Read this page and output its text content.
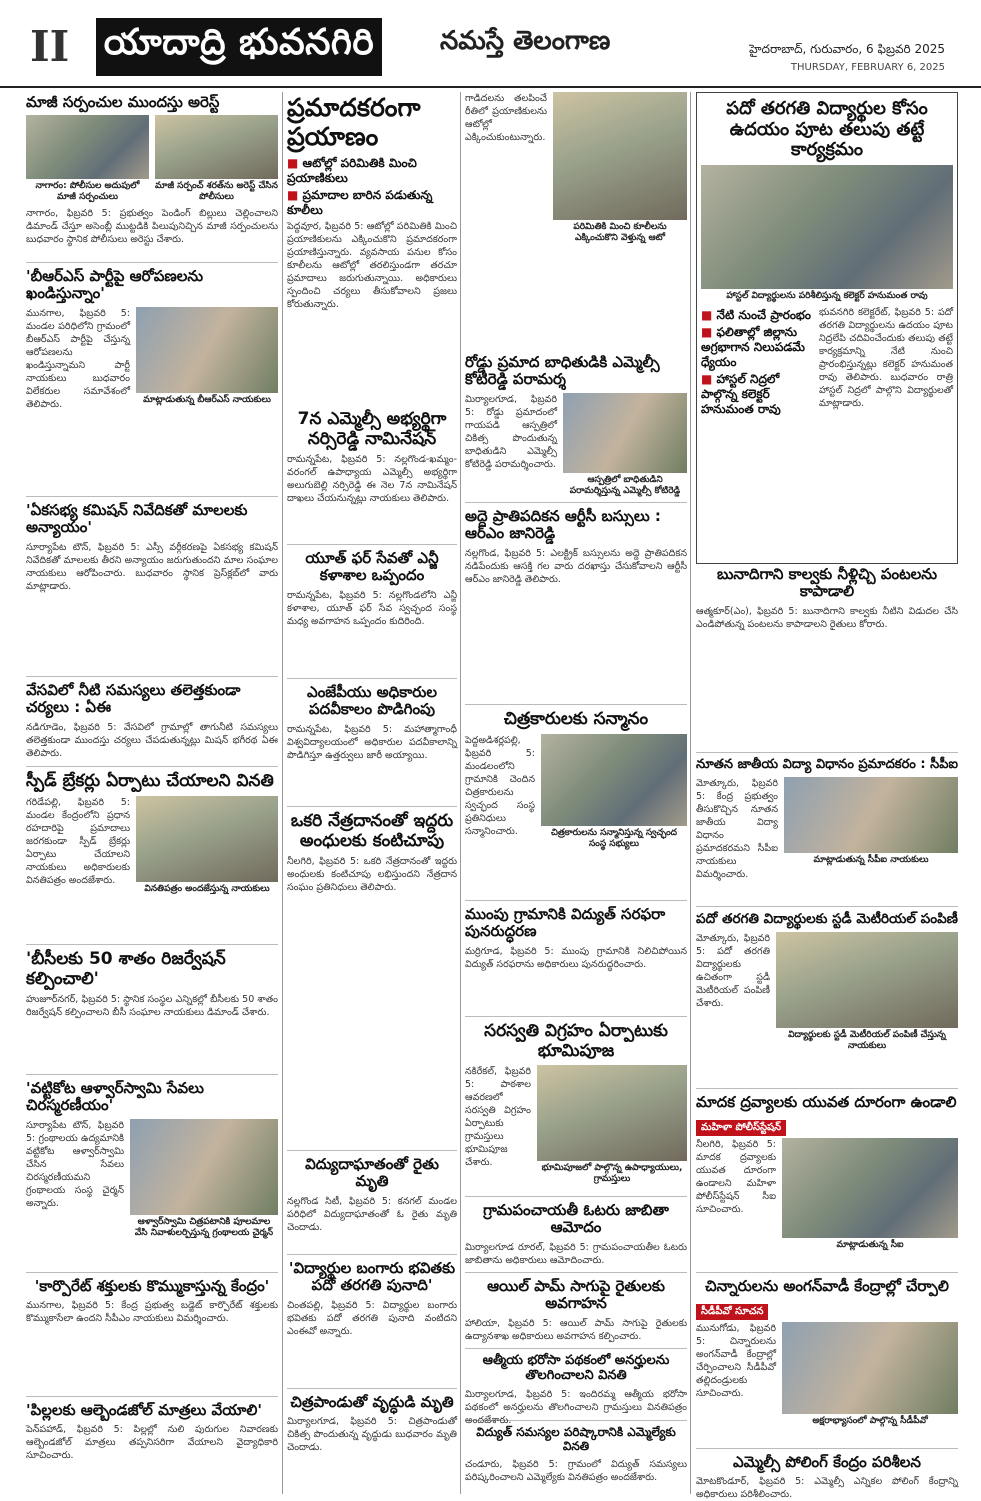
II యాదాద్రి భువనగిరి	నమస్తే తెలంగాణ	హైదరాబాద్, గురువారం, 6 ఫిబ్రవరి 2025
THURSDAY, FEBRUARY 6, 2025
మాజీ సర్పంచుల ముందస్తు అరెస్ట్
నాగారం: పోలీసుల అదుపులో మాజీ సర్పంచులు
మాజీ సర్పంచ్ శరత్‌ను అరెస్ట్ చేసిన పోలీసులు
నాగారం, ఫిబ్రవరి 5: ప్రభుత్వం పెండింగ్ బిల్లులు చెల్లించాలని డిమాండ్ చేస్తూ అసెంబ్లీ ముట్టడికి పిలుపునిచ్చిన మాజీ సర్పంచులను బుధవారం స్థానిక పోలీసులు అరెస్టు చేశారు.
'బీఆర్‌ఎస్ పార్టీపై ఆరోపణలను ఖండిస్తున్నాం'
మునగాల, ఫిబ్రవరి 5: మండల పరిధిలోని గ్రామంలో బీఆర్‌ఎస్ పార్టీపై చేస్తున్న ఆరోపణలను ఖండిస్తున్నామని పార్టీ నాయకులు బుధవారం విలేకరుల సమావేశంలో తెలిపారు.	మాట్లాడుతున్న బీఆర్‌ఎస్ నాయకులు
'ఏకసభ్య కమిషన్ నివేదికతో మాలలకు అన్యాయం'
సూర్యాపేట టౌన్, ఫిబ్రవరి 5: ఎస్సీ వర్గీకరణపై ఏకసభ్య కమిషన్ నివేదికతో మాలలకు తీరని అన్యాయం జరుగుతుందని మాల సంఘాల నాయకులు ఆరోపించారు. బుధవారం స్థానిక ప్రెస్‌క్లబ్‌లో వారు మాట్లాడారు.
వేసవిలో నీటి సమస్యలు తలెత్తకుండా చర్యలు : ఏఈ
నడిగూడెం, ఫిబ్రవరి 5: వేసవిలో గ్రామాల్లో తాగునీటి సమస్యలు తలెత్తకుండా ముందస్తు చర్యలు చేపడుతున్నట్లు మిషన్ భగీరథ ఏఈ తెలిపారు.
స్పీడ్ బ్రేకర్లు ఏర్పాటు చేయాలని వినతి
గరిడేపల్లి, ఫిబ్రవరి 5: మండల కేంద్రంలోని ప్రధాన రహదారిపై ప్రమాదాలు జరగకుండా స్పీడ్ బ్రేకర్లు ఏర్పాటు చేయాలని నాయకులు అధికారులకు వినతిపత్రం అందజేశారు.
వినతిపత్రం అందజేస్తున్న నాయకులు
'బీసీలకు 50 శాతం రిజర్వేషన్ కల్పించాలి'
హుజూర్‌నగర్, ఫిబ్రవరి 5: స్థానిక సంస్థల ఎన్నికల్లో బీసీలకు 50 శాతం రిజర్వేషన్ కల్పించాలని బీసీ సంఘాల నాయకులు డిమాండ్ చేశారు.
'వట్టికోట ఆళ్వార్‌స్వామి సేవలు చిరస్మరణీయం'
సూర్యాపేట టౌన్, ఫిబ్రవరి 5: గ్రంథాలయ ఉద్యమానికి వట్టికోట ఆళ్వార్‌స్వామి చేసిన సేవలు చిరస్మరణీయమని గ్రంథాలయ సంస్థ చైర్మన్ అన్నారు.
ఆళ్వార్‌స్వామి చిత్రపటానికి పూలమాల వేసి నివాళులర్పిస్తున్న గ్రంథాలయ చైర్మన్
'కార్పొరేట్ శక్తులకు కొమ్ముకాస్తున్న కేంద్రం'
మునగాల, ఫిబ్రవరి 5: కేంద్ర ప్రభుత్వ బడ్జెట్ కార్పొరేట్ శక్తులకు కొమ్ముకాసేలా ఉందని సీపీఎం నాయకులు విమర్శించారు.
'పిల్లలకు ఆల్బెండజోల్ మాత్రలు వేయాలి'
పెన్‌పహాడ్, ఫిబ్రవరి 5: పిల్లల్లో నులి పురుగుల నివారణకు ఆల్బెండజోల్ మాత్రలు తప్పనిసరిగా వేయాలని వైద్యాధికారి సూచించారు.
ప్రమాదకరంగా ప్రయాణం
■ ఆటోల్లో పరిమితికి మించి ప్రయాణికులు
■ ప్రమాదాల బారిన పడుతున్న కూలీలు
పెద్దవూర, ఫిబ్రవరి 5: ఆటోల్లో పరిమితికి మించి ప్రయాణికులను ఎక్కించుకొని ప్రమాదకరంగా ప్రయాణిస్తున్నారు. వ్యవసాయ పనుల కోసం కూలీలను ఆటోల్లో తరలిస్తుండగా తరచూ ప్రమాదాలు జరుగుతున్నాయి. అధికారులు స్పందించి చర్యలు తీసుకోవాలని ప్రజలు కోరుతున్నారు.
7న ఎమ్మెల్సీ అభ్యర్థిగా నర్సిరెడ్డి నామినేషన్
రామన్నపేట, ఫిబ్రవరి 5: నల్లగొండ-ఖమ్మం-వరంగల్ ఉపాధ్యాయ ఎమ్మెల్సీ అభ్యర్థిగా అలుగుబెల్లి నర్సిరెడ్డి ఈ నెల 7న నామినేషన్ దాఖలు చేయనున్నట్లు నాయకులు తెలిపారు.
యూత్ ఫర్ సేవతో ఎన్జీ కళాశాల ఒప్పందం
రామన్నపేట, ఫిబ్రవరి 5: నల్లగొండలోని ఎన్జీ కళాశాల, యూత్ ఫర్ సేవ స్వచ్ఛంద సంస్థ మధ్య అవగాహన ఒప్పందం కుదిరింది.
ఎంజేపీయు అధికారుల పదవీకాలం పొడిగింపు
రామన్నపేట, ఫిబ్రవరి 5: మహాత్మాగాంధీ విశ్వవిద్యాలయంలో అధికారుల పదవీకాలాన్ని పొడిగిస్తూ ఉత్తర్వులు జారీ అయ్యాయి.
ఒకరి నేత్రదానంతో ఇద్దరు అంధులకు కంటిచూపు
నీలగిరి, ఫిబ్రవరి 5: ఒకరి నేత్రదానంతో ఇద్దరు అంధులకు కంటిచూపు లభిస్తుందని నేత్రదాన సంఘం ప్రతినిధులు తెలిపారు.
విద్యుదాఘాతంతో రైతు మృతి
నల్లగొండ సిటీ, ఫిబ్రవరి 5: కనగల్ మండల పరిధిలో విద్యుదాఘాతంతో ఓ రైతు మృతి చెందాడు.
'విద్యార్థుల బంగారు భవితకు పదో తరగతి పునాది'
చింతపల్లి, ఫిబ్రవరి 5: విద్యార్థుల బంగారు భవితకు పదో తరగతి పునాది వంటిదని ఎంఈవో అన్నారు.
చిత్రపాండుతో వృద్ధుడి మృతి
మిర్యాలగూడ, ఫిబ్రవరి 5: చిత్రపాండుతో చికిత్స పొందుతున్న వృద్ధుడు బుధవారం మృతి చెందాడు.
గాడిదలను తలపించే రీతిలో ప్రయాణికులను ఆటోల్లో ఎక్కించుకుంటున్నారు.
పరిమితికి మించి కూలీలను ఎక్కించుకొని వెళ్తున్న ఆటో
రోడ్డు ప్రమాద బాధితుడికి ఎమ్మెల్సీ కోటిరెడ్డి పరామర్శ
మిర్యాలగూడ, ఫిబ్రవరి 5: రోడ్డు ప్రమాదంలో గాయపడి ఆస్పత్రిలో చికిత్స పొందుతున్న బాధితుడిని ఎమ్మెల్సీ కోటిరెడ్డి పరామర్శించారు.
ఆస్పత్రిలో బాధితుడిని పరామర్శిస్తున్న ఎమ్మెల్సీ కోటిరెడ్డి
అద్దె ప్రాతిపదికన ఆర్టీసీ బస్సులు : ఆర్‌ఎం జానిరెడ్డి
నల్లగొండ, ఫిబ్రవరి 5: ఎలక్ట్రిక్ బస్సులను అద్దె ప్రాతిపదికన నడిపేందుకు ఆసక్తి గల వారు దరఖాస్తు చేసుకోవాలని ఆర్టీసీ ఆర్‌ఎం జానిరెడ్డి తెలిపారు.
చిత్రకారులకు సన్మానం
పెద్దఅడిశర్లపల్లి, ఫిబ్రవరి 5: మండలంలోని గ్రామానికి చెందిన చిత్రకారులను స్వచ్ఛంద సంస్థ ప్రతినిధులు సన్మానించారు.	చిత్రకారులను సన్మానిస్తున్న స్వచ్ఛంద సంస్థ సభ్యులు
ముంపు గ్రామానికి విద్యుత్ సరఫరా పునరుద్ధరణ
మర్రిగూడ, ఫిబ్రవరి 5: ముంపు గ్రామానికి నిలిచిపోయిన విద్యుత్ సరఫరాను అధికారులు పునరుద్ధరించారు.
సరస్వతి విగ్రహం ఏర్పాటుకు భూమిపూజ
నకిరేకల్, ఫిబ్రవరి 5: పాఠశాల ఆవరణలో సరస్వతి విగ్రహం ఏర్పాటుకు గ్రామస్తులు భూమిపూజ చేశారు.	భూమిపూజలో పాల్గొన్న ఉపాధ్యాయులు, గ్రామస్తులు
గ్రామపంచాయతీ ఓటరు జాబితా ఆమోదం
మిర్యాలగూడ రూరల్, ఫిబ్రవరి 5: గ్రామపంచాయతీల ఓటరు జాబితాను అధికారులు ఆమోదించారు.
ఆయిల్ పామ్ సాగుపై రైతులకు అవగాహన
హాలియా, ఫిబ్రవరి 5: ఆయిల్ పామ్ సాగుపై రైతులకు ఉద్యానశాఖ అధికారులు అవగాహన కల్పించారు.
ఆత్మీయ భరోసా పథకంలో అనర్హులను తొలగించాలని వినతి
మిర్యాలగూడ, ఫిబ్రవరి 5: ఇందిరమ్మ ఆత్మీయ భరోసా పథకంలో అనర్హులను తొలగించాలని గ్రామస్తులు వినతిపత్రం అందజేశారు.
విద్యుత్ సమస్యల పరిష్కారానికి ఎమ్మెల్యేకు వినతి
చండూరు, ఫిబ్రవరి 5: గ్రామంలో విద్యుత్ సమస్యలు పరిష్కరించాలని ఎమ్మెల్యేకు వినతిపత్రం అందజేశారు.
పదో తరగతి విద్యార్థుల కోసం ఉదయం పూట తలుపు తట్టే కార్యక్రమం
హాస్టల్ విద్యార్థులను పరిశీలిస్తున్న కలెక్టర్ హనుమంత రావు
■ నేటి నుంచే ప్రారంభం
■ ఫలితాల్లో జిల్లాను అగ్రభాగాన నిలుపడమే ధ్యేయం
■ హాస్టల్ నిద్రలో పాల్గొన్న కలెక్టర్ హనుమంత రావు
భువనగిరి కలెక్టరేట్, ఫిబ్రవరి 5: పదో తరగతి విద్యార్థులను ఉదయం పూట నిద్రలేపి చదివించేందుకు తలుపు తట్టే కార్యక్రమాన్ని నేటి నుంచి ప్రారంభిస్తున్నట్లు కలెక్టర్ హనుమంత రావు తెలిపారు. బుధవారం రాత్రి హాస్టల్ నిద్రలో పాల్గొని విద్యార్థులతో మాట్లాడారు.
బునాదిగాని కాల్వకు నీళ్లిచ్చి పంటలను కాపాడాలి
ఆత్మకూర్(ఎం), ఫిబ్రవరి 5: బునాదిగాని కాల్వకు నీటిని విడుదల చేసి ఎండిపోతున్న పంటలను కాపాడాలని రైతులు కోరారు.
నూతన జాతీయ విద్యా విధానం ప్రమాదకరం : సీపీఐ
మోత్కూరు, ఫిబ్రవరి 5: కేంద్ర ప్రభుత్వం తీసుకొచ్చిన నూతన జాతీయ విద్యా విధానం ప్రమాదకరమని సీపీఐ నాయకులు విమర్శించారు.
మాట్లాడుతున్న సీపీఐ నాయకులు
పదో తరగతి విద్యార్థులకు స్టడీ మెటీరియల్ పంపిణీ
మోత్కూరు, ఫిబ్రవరి 5: పదో తరగతి విద్యార్థులకు ఉచితంగా స్టడీ మెటీరియల్ పంపిణీ చేశారు.
విద్యార్థులకు స్టడీ మెటీరియల్ పంపిణీ చేస్తున్న నాయకులు
మాదక ద్రవ్యాలకు యువత దూరంగా ఉండాలి
మహిళా పోలీస్‌స్టేషన్
నీలగిరి, ఫిబ్రవరి 5: మాదక ద్రవ్యాలకు యువత దూరంగా ఉండాలని మహిళా పోలీస్‌స్టేషన్ సీఐ సూచించారు.
మాట్లాడుతున్న సీఐ
చిన్నారులను అంగన్‌వాడీ కేంద్రాల్లో చేర్పాలి
సీడీపీవో సూచన
మునుగోడు, ఫిబ్రవరి 5: చిన్నారులను అంగన్‌వాడీ కేంద్రాల్లో చేర్పించాలని సీడీపీవో తల్లిదండ్రులకు సూచించారు.
అక్షరాభ్యాసంలో పాల్గొన్న సీడీపీవో
ఎమ్మెల్సీ పోలింగ్ కేంద్రం పరిశీలన
మోటకొండూర్, ఫిబ్రవరి 5: ఎమ్మెల్సీ ఎన్నికల పోలింగ్ కేంద్రాన్ని అధికారులు పరిశీలించారు.
